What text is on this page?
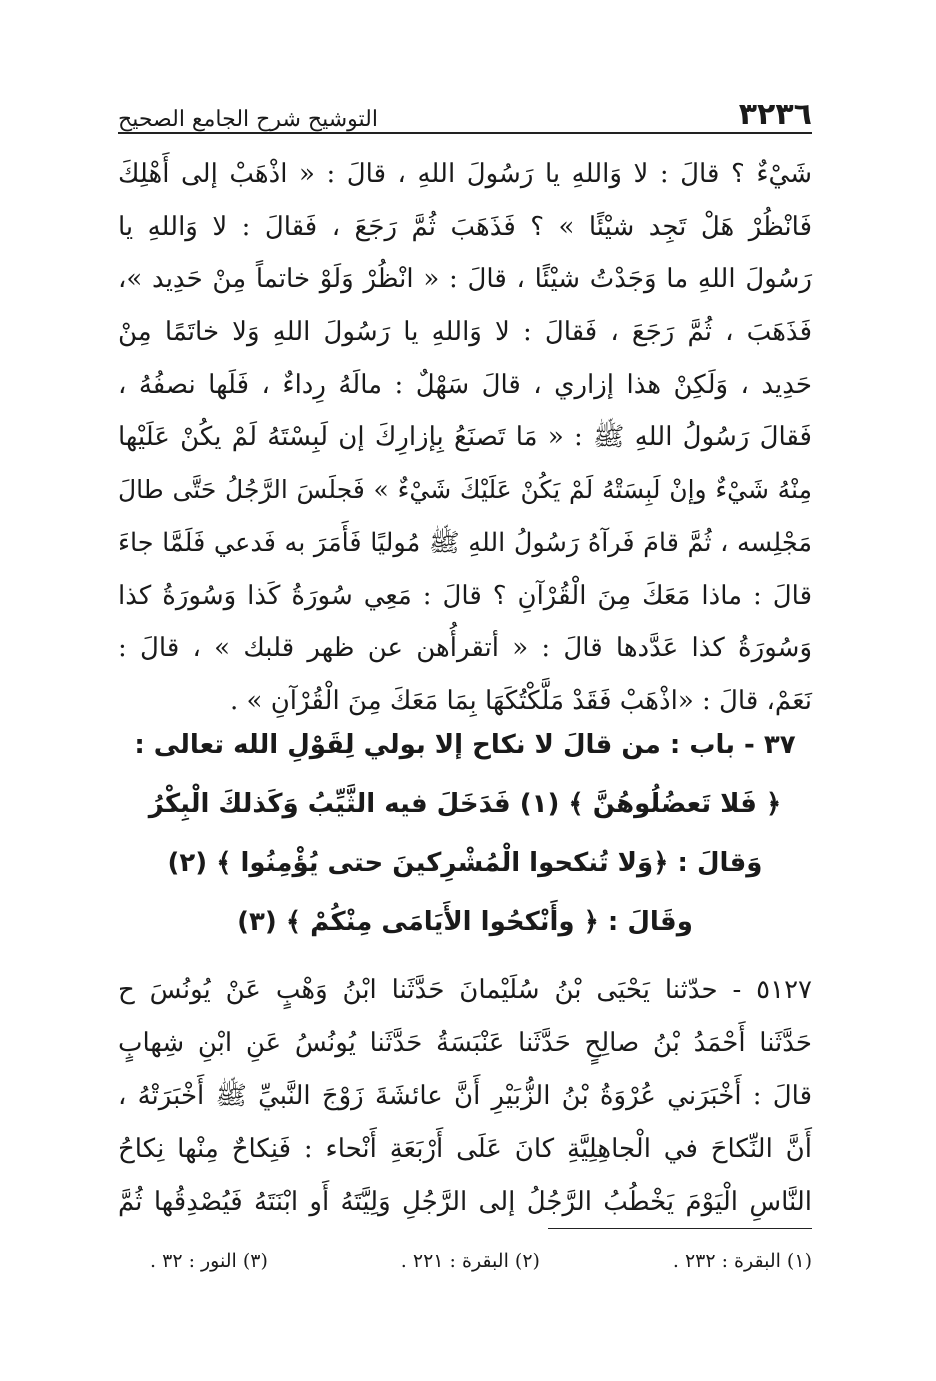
٣٢٣٦
التوشيح شرح الجامع الصحيح
شَيْءٌ ؟ قالَ : لا وَاللهِ يا رَسُولَ اللهِ ، قالَ : « اذْهَبْ إلى أَهْلِكَ
فَانْظُرْ هَلْ تَجِد شيْئًا » ؟ فَذَهَبَ ثُمَّ رَجَعَ ، فَقالَ : لا وَاللهِ يا
رَسُولَ اللهِ ما وَجَدْتُ شيْئًا ، قالَ : « انْظُرْ وَلَوْ خاتماً مِنْ حَدِيد »،
فَذَهَبَ ، ثُمَّ رَجَعَ ، فَقالَ : لا وَاللهِ يا رَسُولَ اللهِ وَلا خاتَمًا مِنْ
حَدِيد ، وَلَكِنْ هذا إزاري ، قالَ سَهْلٌ : مالَهُ رِداءٌ ، فَلَها نصفُهُ ،
فَقالَ رَسُولُ اللهِ ﷺ : « مَا تَصنَعُ بِإزارِكَ إن لَبِسْتَهُ لَمْ يكُنْ عَلَيْها
مِنْهُ شَيْءٌ وإنْ لَبِسَتْهُ لَمْ يَكُنْ عَلَيْكَ شَيْءٌ » فَجلَسَ الرَّجُلُ حَتَّى طالَ
مَجْلِسه ، ثُمَّ قامَ فَرآهُ رَسُولُ اللهِ ﷺ مُوليًا فَأَمَرَ به فَدعي فَلَمَّا جاءَ
قالَ : ماذا مَعَكَ مِنَ الْقُرْآنِ ؟ قالَ : مَعِي سُورَةُ كَذا وَسُورَةُ كذا
وَسُورَةُ كذا عَدَّدها قالَ : « أتقرأُهن عن ظهر قلبك » ، قالَ :
نَعَمْ، قالَ : «اذْهَبْ فَقَدْ مَلَّكْتُكَهَا بِمَا مَعَكَ مِنَ الْقُرْآنِ » .
٣٧ - باب : من قالَ لا نكاح إلا بولي لِقَوْلِ الله تعالى :
﴿ فَلا تَعضُلُوهُنَّ ﴾ (١) فَدَخَلَ فيه الثَّيِّبُ وَكَذلكَ الْبِكْرُ
وَقالَ : ﴿وَلا تُنكحوا الْمُشْرِكينَ حتى يُؤْمِنُوا ﴾ (٢)
وقَالَ : ﴿ وأَنْكحُوا الأَيَامَى مِنْكُمْ ﴾ (٣)
٥١٢٧ - حدّثنا يَحْيَى بْنُ سُلَيْمانَ حَدَّثَنا ابْنُ وَهْبٍ عَنْ يُونُسَ ح
حَدَّثَنا أَحْمَدُ بْنُ صالِحٍ حَدَّثَنا عَنْبَسَةُ حَدَّثَنا يُونُسُ عَنِ ابْنِ شِهابٍ
قالَ : أَخْبَرَني عُرْوَةُ بْنُ الزُّبَيْرِ أَنَّ عائشَةَ زَوْجَ النَّبيِّ ﷺ أَخْبَرَتْهُ ،
أَنَّ النِّكاحَ في الْجاهِلِيَّةِ كانَ عَلَى أَرْبَعَةِ أَنْحاء : فَنِكاحٌ مِنْها نِكاحُ
النَّاسِ الْيَوْمَ يَخْطُبُ الرَّجُلُ إلى الرَّجُلِ وَلِيَّتَهُ أَو ابْنَتَهُ فَيُصْدِقُها ثُمَّ
(١) البقرة : ٢٣٢ .
(٢) البقرة : ٢٢١ .
(٣) النور : ٣٢ .
